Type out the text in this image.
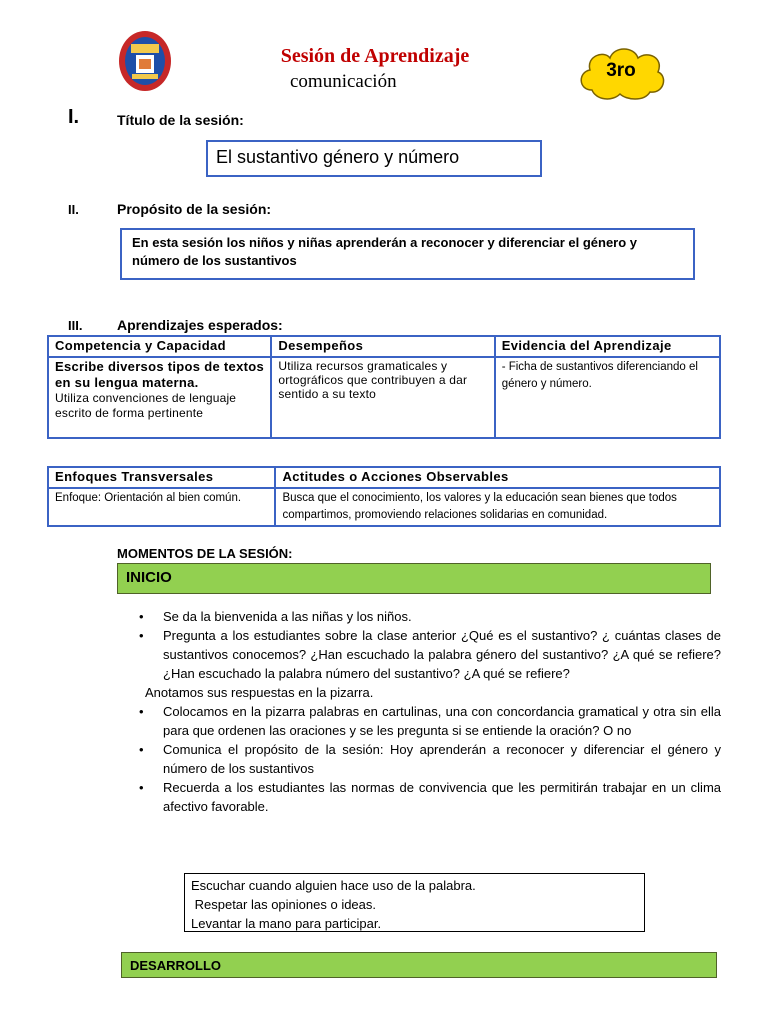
Sesión de Aprendizaje
comunicación
3ro
I.	Título de la sesión:
El sustantivo género y número
II.	Propósito de la sesión:
En esta sesión los niños y niñas aprenderán a reconocer y diferenciar el género y número de los sustantivos
III. Aprendizajes esperados:
Competencia y Capacidad	Desempeños	Evidencia del Aprendizaje

Escribe diversos tipos de textos en su lengua materna.
Utiliza convenciones de lenguaje escrito de forma pertinente	Utiliza recursos gramaticales y ortográficos que contribuyen a dar sentido a su texto	- Ficha de sustantivos diferenciando el género y número.
Enfoques Transversales	Actitudes o Acciones Observables
Enfoque: Orientación al bien común.	Busca que el conocimiento, los valores y la educación sean bienes que todos compartimos, promoviendo relaciones solidarias en comunidad.
MOMENTOS DE LA SESIÓN:
INICIO
• Se da la bienvenida a las niñas y los niños.
• Pregunta a los estudiantes sobre la clase anterior ¿Qué es el sustantivo? ¿ cuántas clases de sustantivos conocemos? ¿Han escuchado la palabra género del sustantivo? ¿A qué se refiere? ¿Han escuchado la palabra número del sustantivo? ¿A qué se refiere?
Anotamos sus respuestas en la pizarra.
• Colocamos en la pizarra palabras en cartulinas, una con concordancia gramatical y otra sin ella para que ordenen las oraciones y se les pregunta si se entiende la oración? O no
• Comunica el propósito de la sesión: Hoy aprenderán a reconocer y diferenciar el género y número de los sustantivos
• Recuerda a los estudiantes las normas de convivencia que les permitirán trabajar en un clima afectivo favorable.
Escuchar cuando alguien hace uso de la palabra.
Respetar las opiniones o ideas.
Levantar la mano para participar.
DESARROLLO
